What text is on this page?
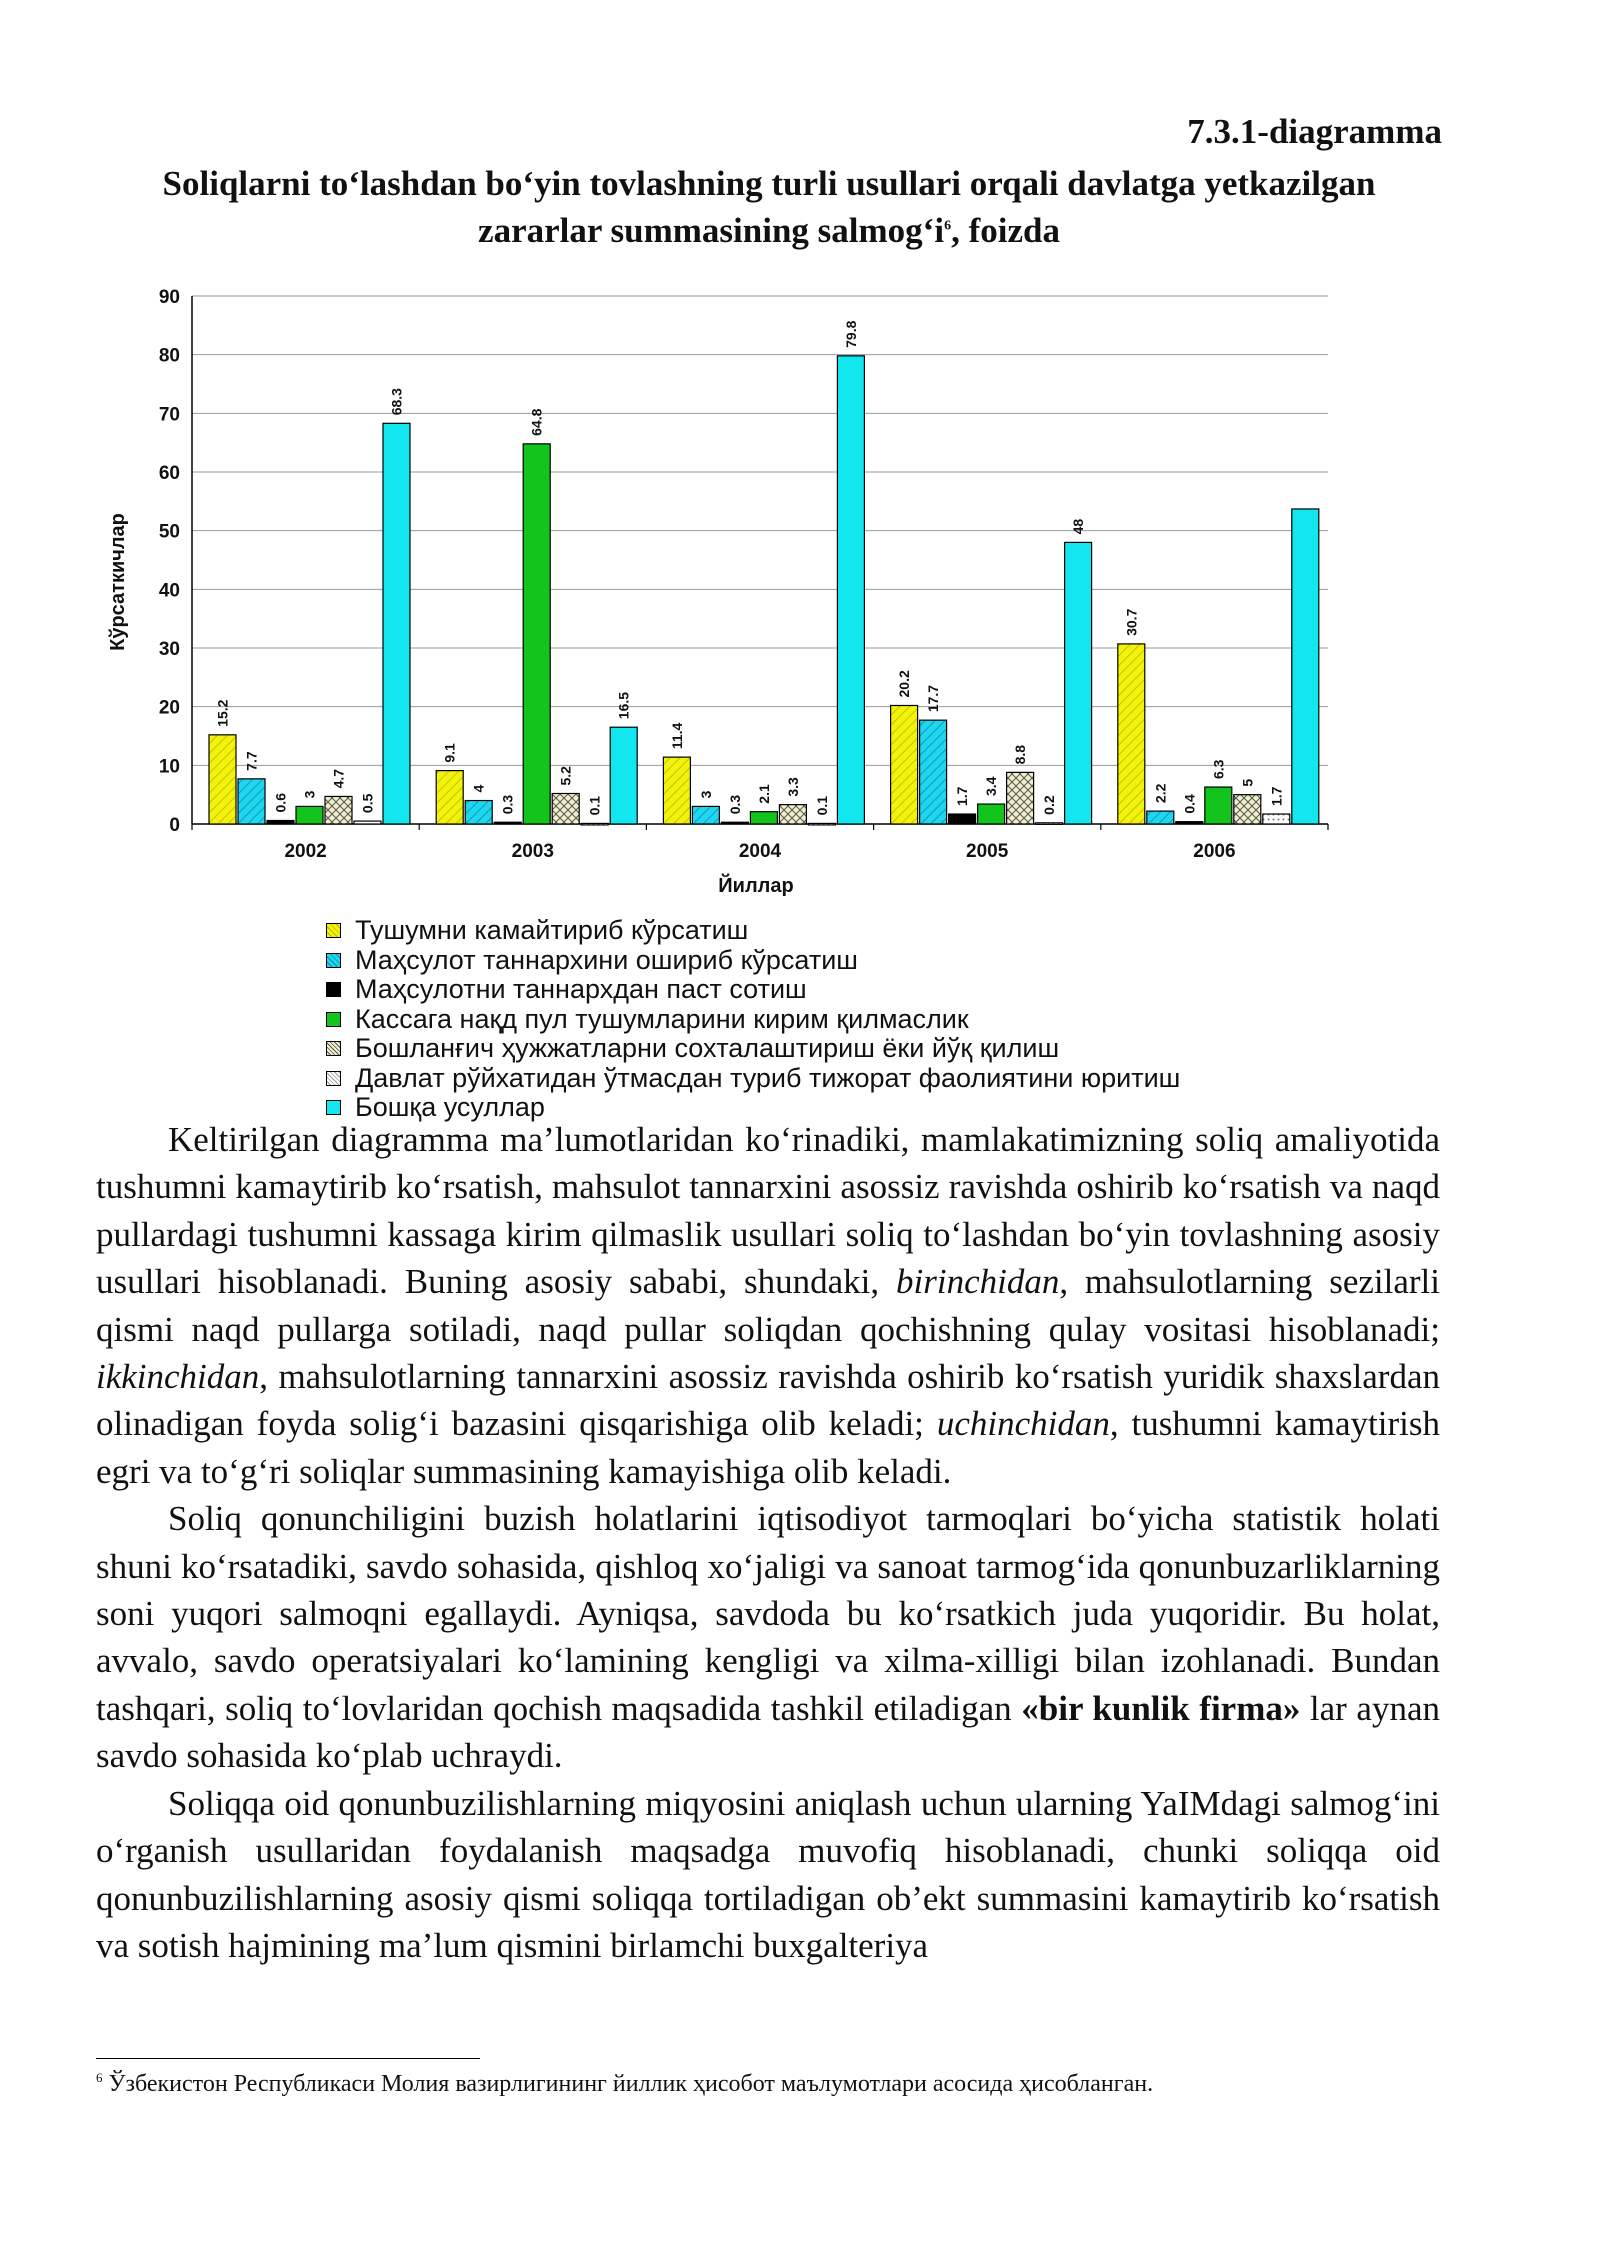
7.3.1-diagramma
Soliqlarni to‘lashdan bo‘yin tovlashning turli usullari orqali davlatga yetkazilgan zararlar summasining $salmog‘i^6$, foizda
0
10
20
30
40
50
60
70
80
90
15.2
7.7
0.6 3
4.7
0.5
68.3
9.1
4
0.3
64.8
5.2
0.1
16.5
11.4
3
0.3
2.1 3.3
0.1
79.8
20.2
17.7
1.7
3.4
8.8
0.2
48
30.7
2.2
0.4
6.3
5
1.7
2002	2003	2004	2005	2006
Кўрсаткичлар
Йиллар
Тушумни камайтириб кўрсатиш
Маҳсулот таннархини ошириб кўрсатиш
Маҳсулотни таннархдан паст сотиш
Кассага нақд пул тушумларини кирим қилмаслик
Бошланғич ҳужжатларни сохталаштириш ёки йўқ қилиш
Давлат рўйхатидан ўтмасдан туриб тижорат фаолиятини юритиш
Бошқа усуллар

Keltirilgan diagramma ma’lumotlaridan ko‘rinadiki, mamlakatimizning soliq amaliyotida tushumni kamaytirib ko‘rsatish, mahsulot tannarxini asossiz ravishda oshirib ko‘rsatish va naqd pullardagi tushumni kassaga kirim qilmaslik usullari soliq to‘lashdan bo‘yin tovlashning asosiy usullari hisoblanadi. Buning asosiy sababi, shundaki, birinchidan, mahsulotlarning sezilarli qismi naqd pullarga sotiladi, naqd pullar soliqdan qochishning qulay vositasi hisoblanadi; ikkinchidan, mahsulotlarning tannarxini asossiz ravishda oshirib ko‘rsatish yuridik shaxslardan olinadigan foyda solig‘i bazasini qisqarishiga olib keladi; uchinchidan, tushumni kamaytirish egri va to‘g‘ri soliqlar summasining kamayishiga olib keladi.

Soliq qonunchiligini buzish holatlarini iqtisodiyot tarmoqlari bo‘yicha statistik holati shuni ko‘rsatadiki, savdo sohasida, qishloq xo‘jaligi va sanoat tarmog‘ida qonunbuzarliklarning soni yuqori salmoqni egallaydi. Ayniqsa, savdoda bu ko‘rsatkich juda yuqoridir. Bu holat, avvalo, savdo operatsiyalari ko‘lamining kengligi va xilma-xilligi bilan izohlanadi. Bundan tashqari, soliq to‘lovlaridan qochish maqsadida tashkil etiladigan «bir kunlik firma» lar aynan savdo sohasida ko‘plab uchraydi.

Soliqqa oid qonunbuzilishlarning miqyosini aniqlash uchun ularning YaIMdagi salmog‘ini o‘rganish usullaridan foydalanish maqsadga muvofiq hisoblanadi, chunki soliqqa oid qonunbuzilishlarning asosiy qismi soliqqa tortiladigan ob’ekt summasini kamaytirib ko‘rsatish va sotish hajmining ma’lum qismini birlamchi buxgalteriya

$^6$ Ўзбекистон Республикаси Молия вазирлигининг йиллик ҳисобот маълумотлари асосида ҳисобланган.
